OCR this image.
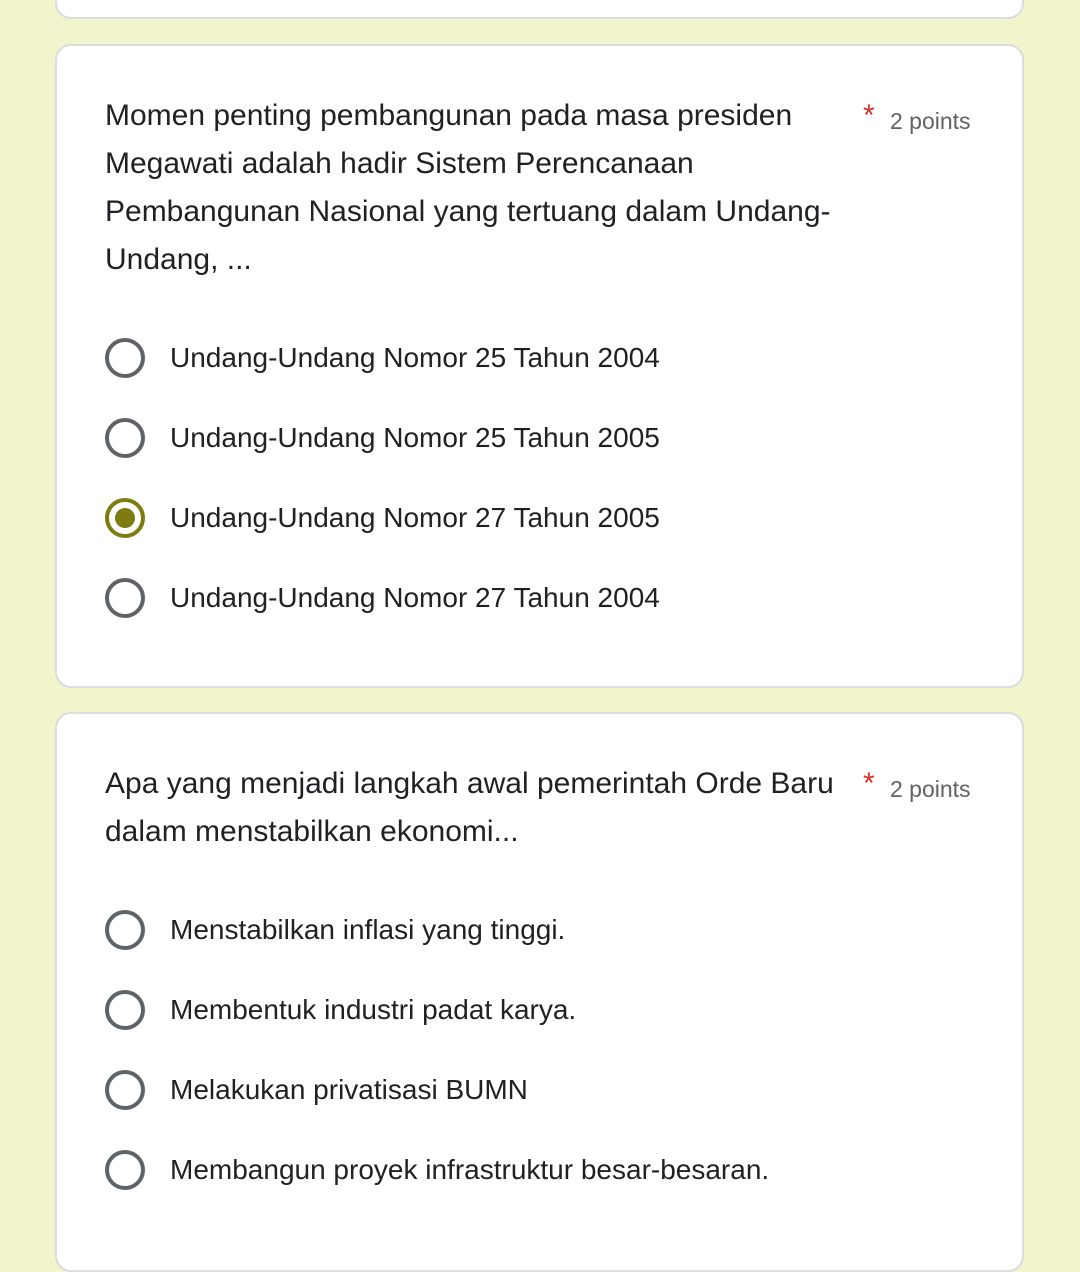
Momen penting pembangunan pada masa presiden Megawati adalah hadir Sistem Perencanaan Pembangunan Nasional yang tertuang dalam Undang-Undang, ...
* 2 points
Undang-Undang Nomor 25 Tahun 2004
Undang-Undang Nomor 25 Tahun 2005
Undang-Undang Nomor 27 Tahun 2005
Undang-Undang Nomor 27 Tahun 2004
Apa yang menjadi langkah awal pemerintah Orde Baru dalam menstabilkan ekonomi...
* 2 points
Menstabilkan inflasi yang tinggi.
Membentuk industri padat karya.
Melakukan privatisasi BUMN
Membangun proyek infrastruktur besar-besaran.
